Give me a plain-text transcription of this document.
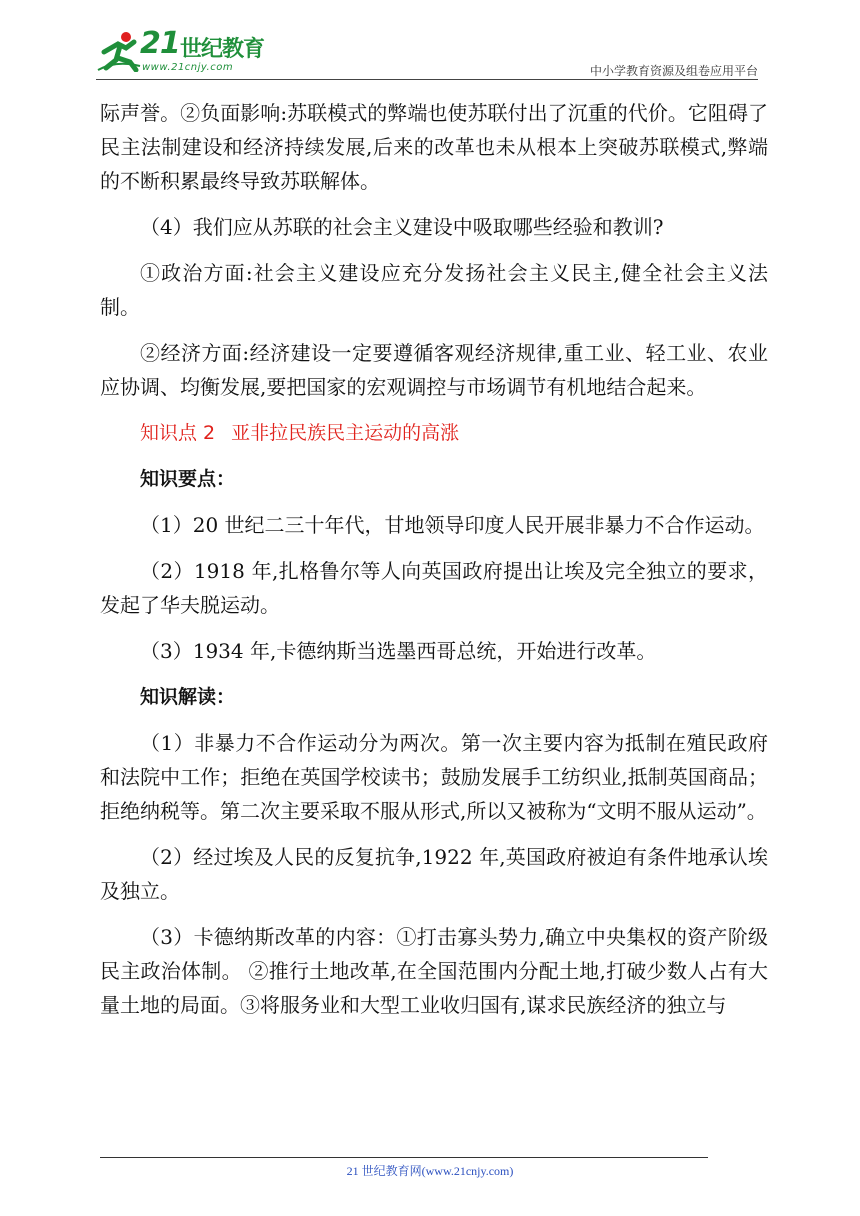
21 世纪教育
www.21cnjy.com	中小学教育资源及组卷应用平台

际声誉。②负面影响:苏联模式的弊端也使苏联付出了沉重的代价。它阻碍了民主法制建设和经济持续发展,后来的改革也未从根本上突破苏联模式,弊端的不断积累最终导致苏联解体。

（4）我们应从苏联的社会主义建设中吸取哪些经验和教训?

①政治方面:社会主义建设应充分发扬社会主义民主,健全社会主义法制。

②经济方面:经济建设一定要遵循客观经济规律,重工业、轻工业、农业应协调、均衡发展,要把国家的宏观调控与市场调节有机地结合起来。

知识点 2 亚非拉民族民主运动的高涨
知识要点：

（1）20 世纪二三十年代，甘地领导印度人民开展非暴力不合作运动。

（2）1918 年,扎格鲁尔等人向英国政府提出让埃及完全独立的要求，发起了华夫脱运动。

（3）1934 年,卡德纳斯当选墨西哥总统，开始进行改革。

知识解读：

（1）非暴力不合作运动分为两次。第一次主要内容为抵制在殖民政府和法院中工作；拒绝在英国学校读书；鼓励发展手工纺织业,抵制英国商品；拒绝纳税等。第二次主要采取不服从形式,所以又被称为“文明不服从运动”。

（2）经过埃及人民的反复抗争,1922 年,英国政府被迫有条件地承认埃及独立。

（3）卡德纳斯改革的内容：①打击寡头势力,确立中央集权的资产阶级民主政治体制。 ②推行土地改革,在全国范围内分配土地,打破少数人占有大量土地的局面。③将服务业和大型工业收归国有,谋求民族经济的独立与

21 世纪教育网(www.21cnjy.com)
